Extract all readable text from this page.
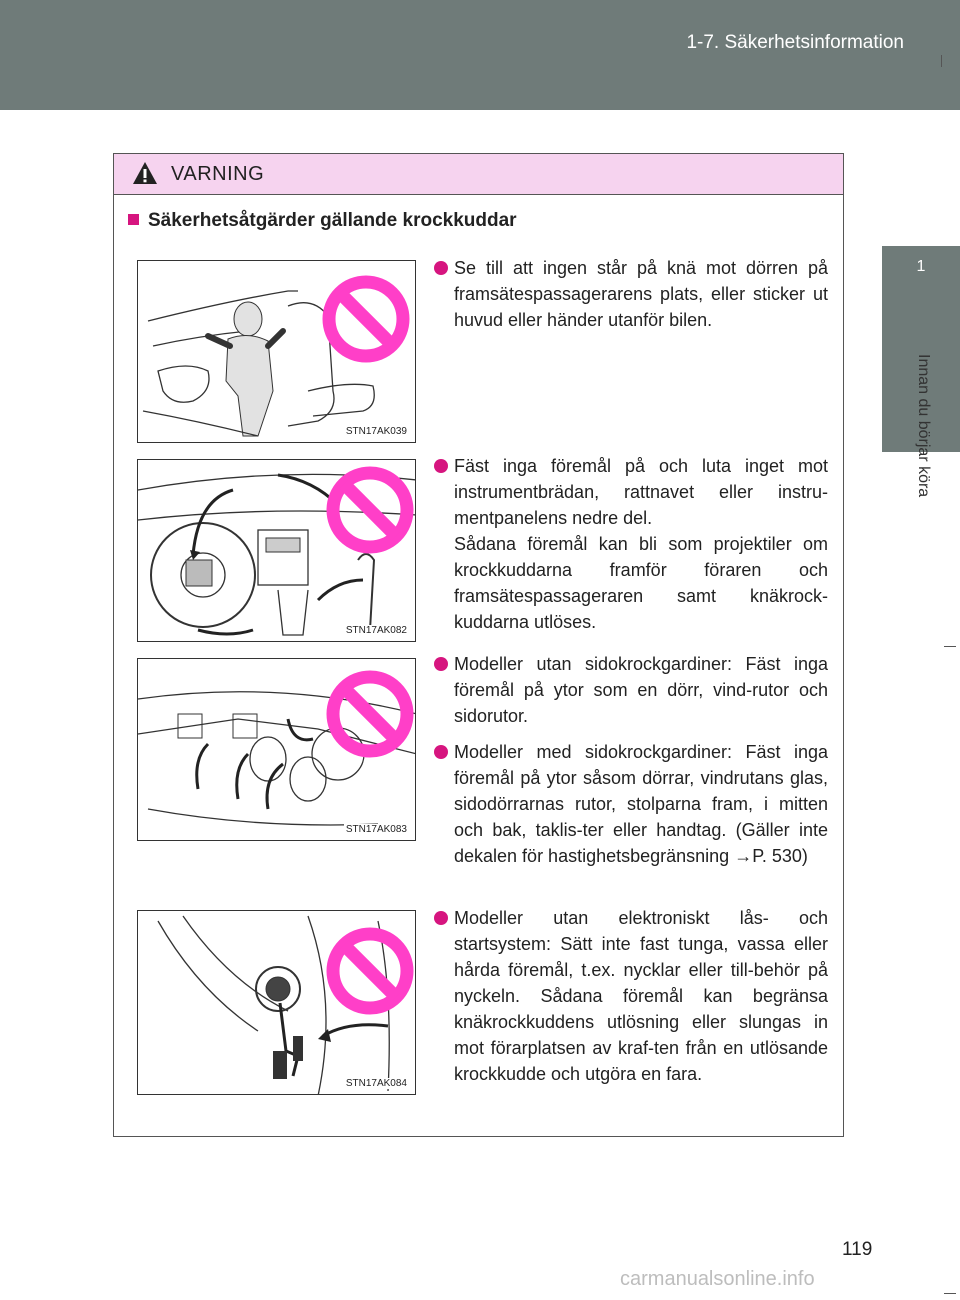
1-7. Säkerhetsinformation
1
Innan du börjar köra
VARNING
Säkerhetsåtgärder gällande krockkuddar
STN17AK039
STN17AK082
STN17AK083
STN17AK084

Se till att ingen står på knä mot dörren på framsätespassagerarens plats, eller sticker ut huvud eller händer utanför bilen.

Fäst inga föremål på och luta inget mot instrumentbrädan, rattnavet eller instru-mentpanelens nedre del.

Sådana föremål kan bli som projektiler om krockkuddarna framför föraren och framsätespassageraren samt knäkrock-kuddarna utlöses.

Modeller utan sidokrockgardiner: Fäst inga föremål på ytor som en dörr, vind-rutor och sidorutor.

Modeller med sidokrockgardiner: Fäst inga föremål på ytor såsom dörrar, vindrutans glas, sidodörrarnas rutor, stolparna fram, i mitten och bak, taklis-ter eller handtag. (Gäller inte dekalen för hastighetsbegränsning →P. 530)

Modeller utan elektroniskt lås- och startsystem: Sätt inte fast tunga, vassa eller hårda föremål, t.ex. nycklar eller till-behör på nyckeln. Sådana föremål kan begränsa knäkrockkuddens utlösning eller slungas in mot förarplatsen av kraf-ten från en utlösande krockkudde och utgöra en fara.

119
carmanualsonline.info
